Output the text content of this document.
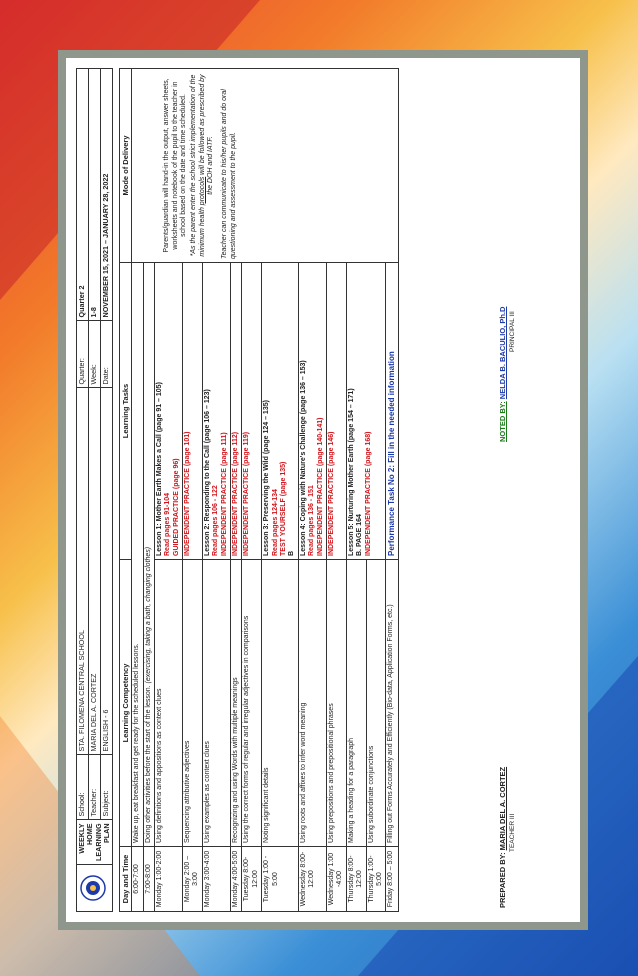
	WEEKLY HOME LEARNING PLAN	School:	STA. FILOMENA CENTRAL SCHOOL	Quarter:	Quarter 2
		Teacher:	MARIA DEL A. CORTEZ	Week:	1-8
		Subject:	ENGLISH - 6	Date:	NOVEMBER 15, 2021 – JANUARY 28, 2022
Day and Time	Learning Competency	Learning Tasks	Mode of Delivery
6:00-7:00	Wake up, eat breakfast and get ready for the scheduled lessons.		Parents/guardian will hand-in the output, answer sheets, worksheets and notebook of the pupil to the teacher in school based on the date and time scheduled. *As the parent enter the school strict implementation of the minimum health protocols will be followed as prescribed by the DOH and IATF. Teacher can communicate to his/her pupils and do oral questioning and assessment to the pupil.

7:00-8:00	Doing other activities before the start of the lesson. (exercising, taking a bath, changing clothes)		
Monday 1:00-2:00	Using definitions and appositions as context clues	Lesson 1: Mother Earth Makes a Call (page 91 – 105) Read pages 91-104 GUIDED PRACTICE (page 96)	

Monday 2:00 – 3:00	Sequencing attributive adjectives	INDEPENDENT PRACTICE (page 101)	
Monday 3:00-4:00	Using examples as context clues	Lesson 2: Responding to the Call (page 106 – 123) Read pages 106 - 122 INDEPENDENT PRACTICE (page 111)	

Monday 4:00-5:00	Recognizing and using Words with multiple meanings	INDEPENDENT PRACTICE (page 112)	
Tuesday 8:00-12:00	Using the correct forms of regular and irregular adjectives in comparisons	INDEPENDENT PRACTICE (page 119)	
Tuesday 1:00 - 5:00	Noting significant details	Lesson 3: Preserving the Wild (page 124 – 135) Read pages 124-134 TEST YOURSELF (page 135) B	

Wednesday 8:00-12:00	Using roots and affixes to infer word meaning	Lesson 4: Coping with Nature's Challenge (page 136 – 153) Read pages 136 - 151 INDEPENDENT PRACTICE (page 140-141)	

Wednesday 1:00 -4:00	Using prepositions and prepositional phrases	INDEPENDENT PRACTICE (page 146)	
Thursday 8:00-12:00	Making a heading for a paragraph	Lesson 5: Nurturing Mother Earth (page 154 – 171) B. PAGE 164 INDEPENDENT PRACTICE (page 168)	

Thursday 1:00-5:00	Using subordinate conjunctions		
Friday 8:00 – 5:00	Filling out Forms Accurately and Efficiently (Bio-data, Application Forms, etc.)	Performance Task No 2: Fill in the needed information	
PREPARED BY: MARIA DEL A. CORTEZ TEACHER III
NOTED BY: NELDA B. BACULIO, Ph.D PRINCIPAL III
